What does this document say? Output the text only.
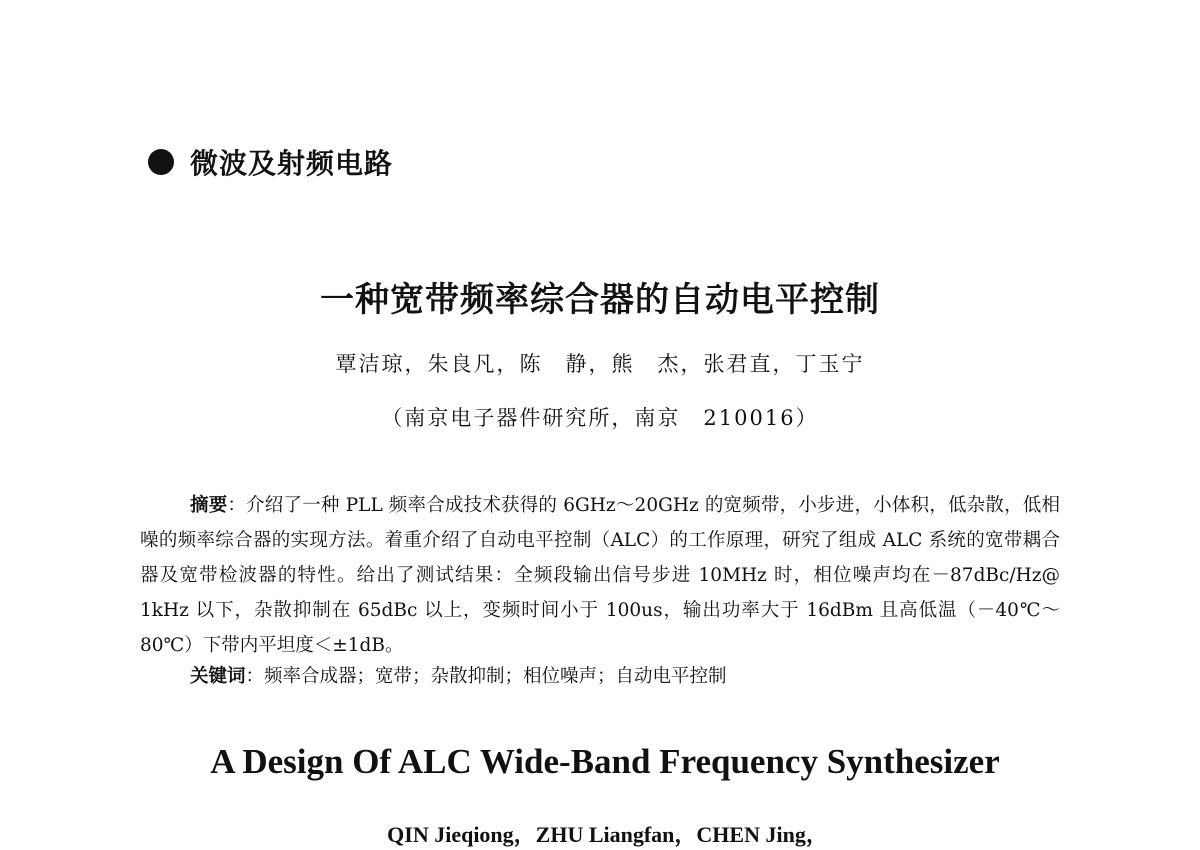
微波及射频电路
一种宽带频率综合器的自动电平控制
覃洁琼，朱良凡，陈　静，熊　杰，张君直，丁玉宁
（南京电子器件研究所，南京　210016）
摘要：介绍了一种 PLL 频率合成技术获得的 6GHz～20GHz 的宽频带，小步进，小体积，低杂散，低相噪的频率综合器的实现方法。着重介绍了自动电平控制（ALC）的工作原理，研究了组成 ALC 系统的宽带耦合器及宽带检波器的特性。给出了测试结果：全频段输出信号步进 10MHz 时，相位噪声均在－87dBc/Hz@ 1kHz 以下，杂散抑制在 65dBc 以上，变频时间小于 100us，输出功率大于 16dBm 且高低温（－40℃～80℃）下带内平坦度＜±1dB。
关键词：频率合成器；宽带；杂散抑制；相位噪声；自动电平控制
A Design Of ALC Wide-Band Frequency Synthesizer
QIN Jieqiong，ZHU Liangfan，CHEN Jing，
